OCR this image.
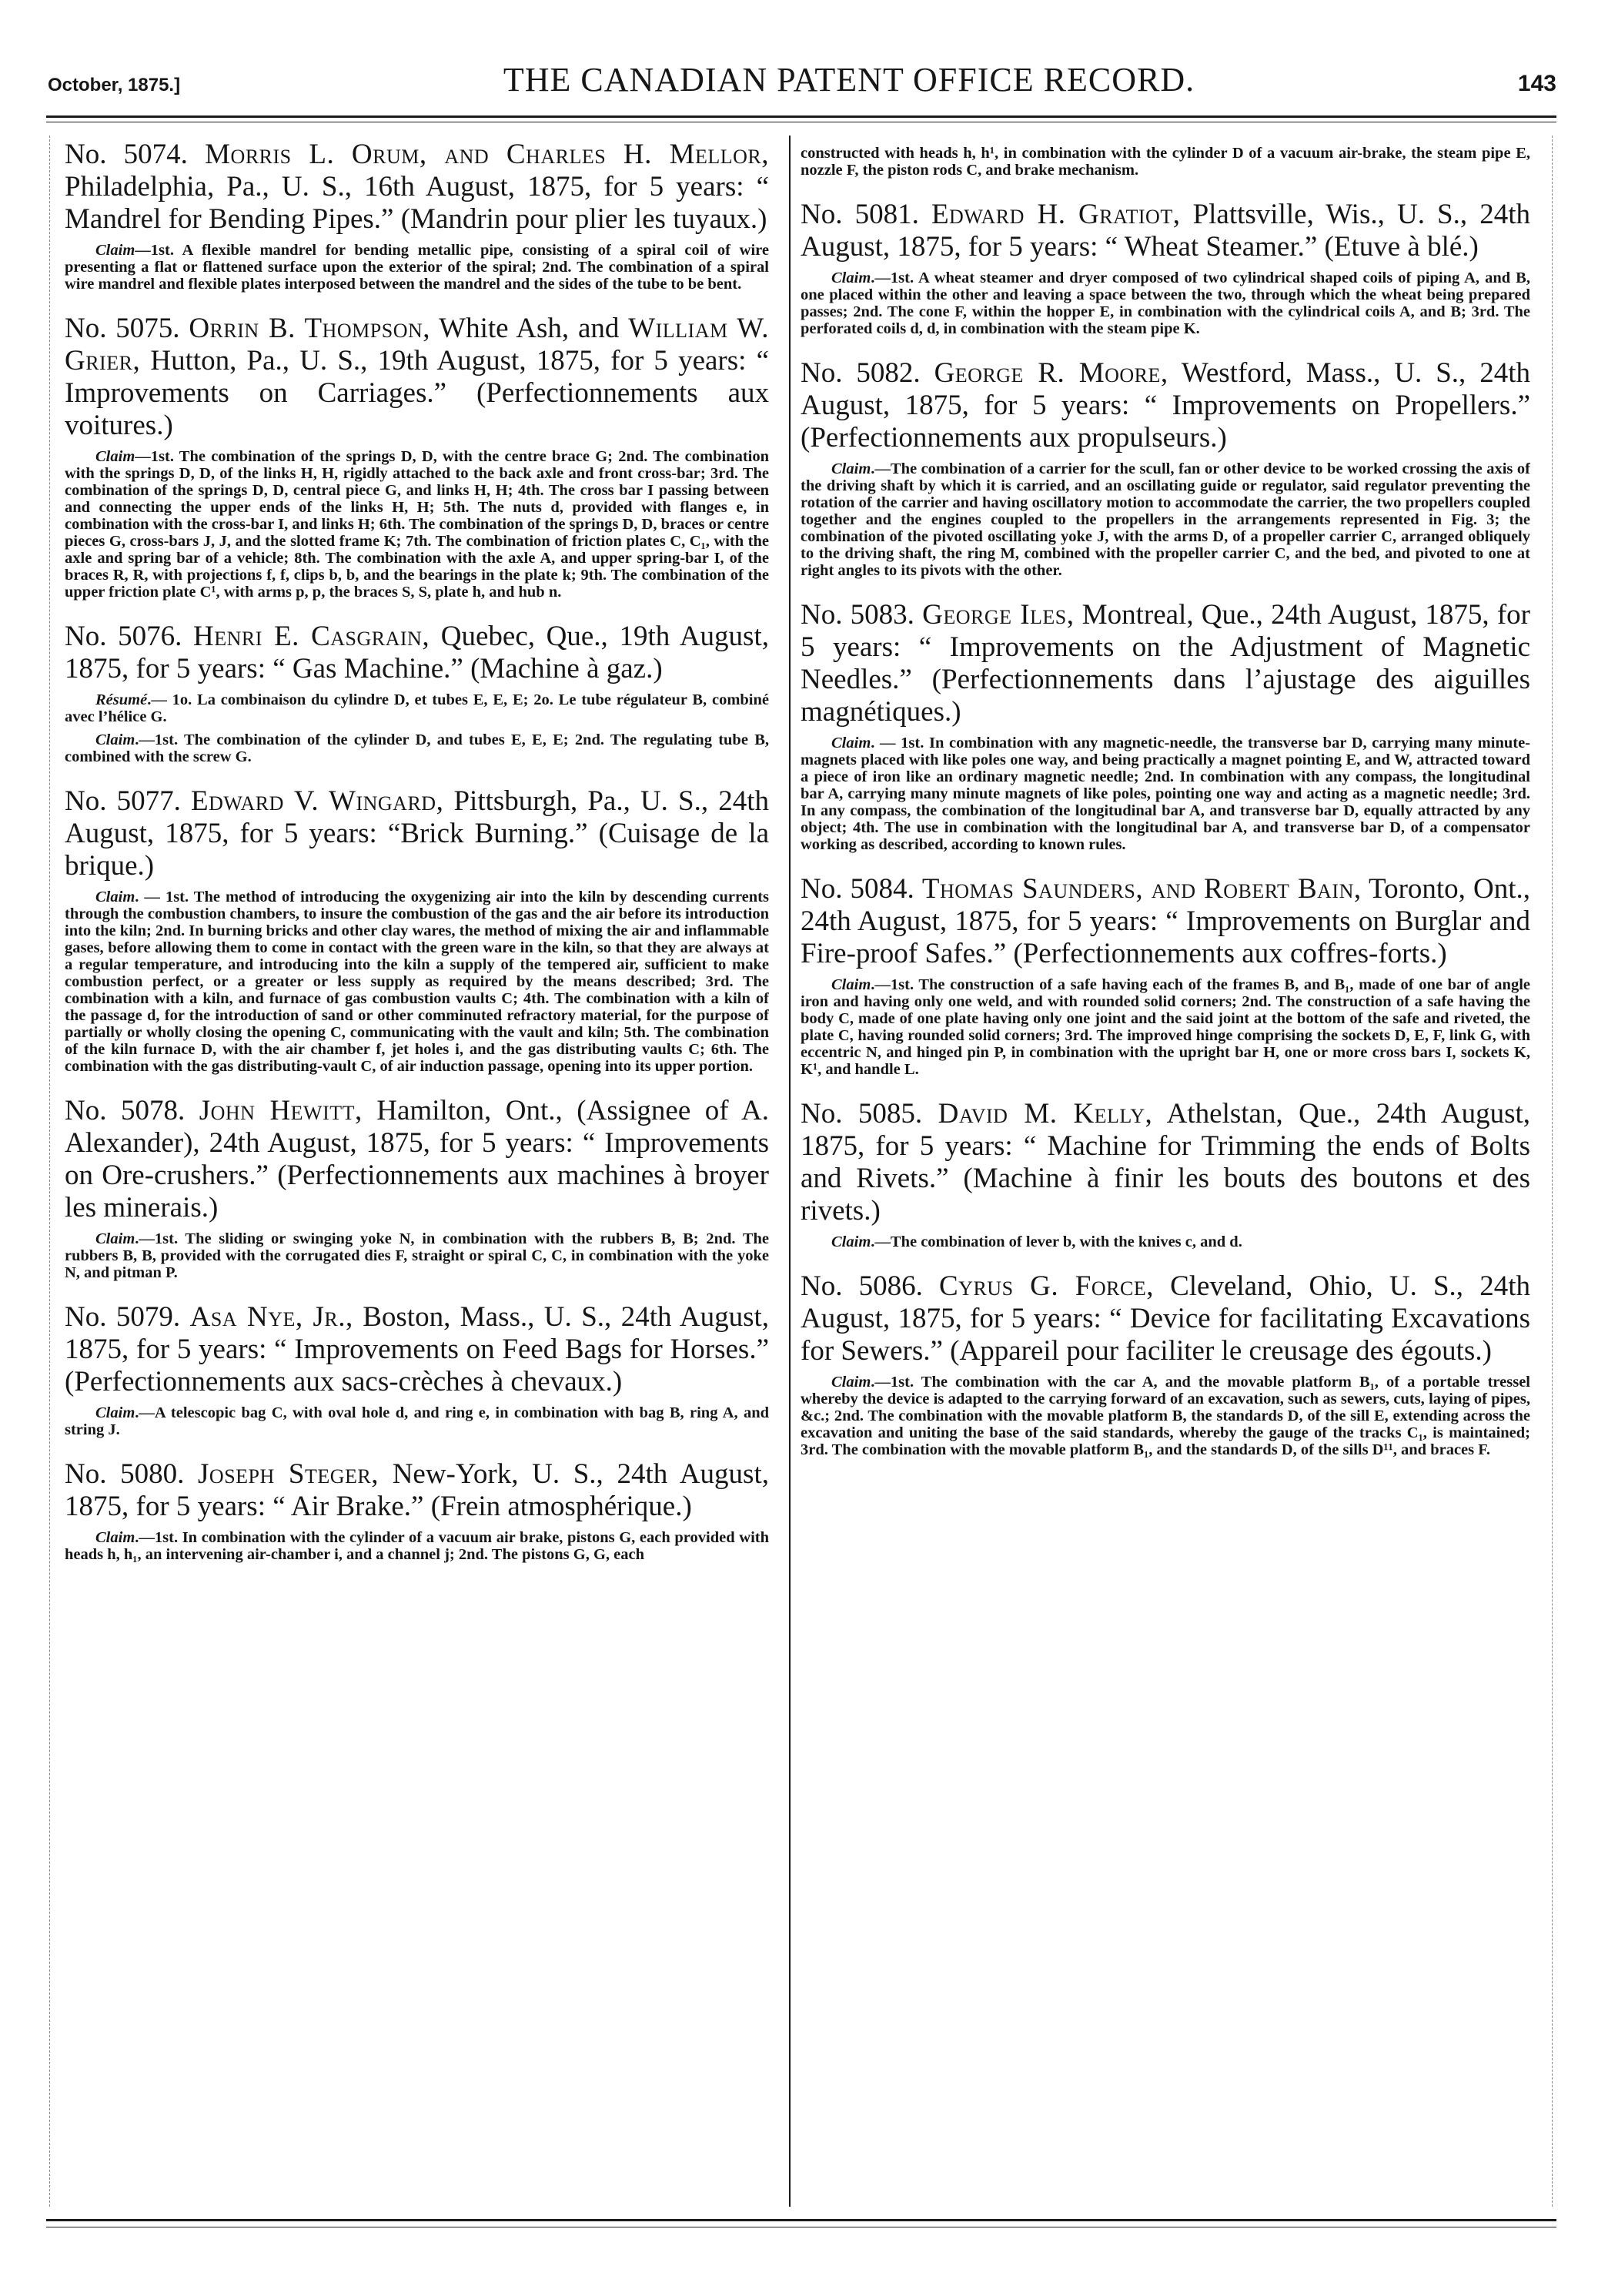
October, 1875.]	THE CANADIAN PATENT OFFICE RECORD.	143

No. 5074. Morris L. Orum, and Charles H. Mellor, Philadelphia, Pa., U. S., 16th August, 1875, for 5 years: “ Mandrel for Bending Pipes.” (Mandrin pour plier les tuyaux.)

Claim—1st. A flexible mandrel for bending metallic pipe, consisting of a spiral coil of wire presenting a flat or flattened surface upon the exterior of the spiral; 2nd. The combination of a spiral wire mandrel and flexible plates interposed between the mandrel and the sides of the tube to be bent.

No. 5075. Orrin B. Thompson, White Ash, and William W. Grier, Hutton, Pa., U. S., 19th August, 1875, for 5 years: “ Improvements on Carriages.” (Perfectionnements aux voitures.)

Claim—1st. The combination of the springs D, D, with the centre brace G; 2nd. The combination with the springs D, D, of the links H, H, rigidly attached to the back axle and front cross-bar; 3rd. The combination of the springs D, D, central piece G, and links H, H; 4th. The cross bar I passing between and connecting the upper ends of the links H, H; 5th. The nuts d, provided with flanges e, in combination with the cross-bar I, and links H; 6th. The combination of the springs D, D, braces or centre pieces G, cross-bars J, J, and the slotted frame K; 7th. The combination of friction plates C, C₁, with the axle and spring bar of a vehicle; 8th. The combination with the axle A, and upper spring-bar I, of the braces R, R, with projections f, f, clips b, b, and the bearings in the plate k; 9th. The combination of the upper friction plate C¹, with arms p, p, the braces S, S, plate h, and hub n.

No. 5076. Henri E. Casgrain, Quebec, Que., 19th August, 1875, for 5 years: “ Gas Machine.” (Machine à gaz.)

Résumé.— 1o. La combinaison du cylindre D, et tubes E, E, E; 2o. Le tube régulateur B, combiné avec l’hélice G.

Claim.—1st. The combination of the cylinder D, and tubes E, E, E; 2nd. The regulating tube B, combined with the screw G.

No. 5077. Edward V. Wingard, Pittsburgh, Pa., U. S., 24th August, 1875, for 5 years: “Brick Burning.” (Cuisage de la brique.)

Claim. — 1st. The method of introducing the oxygenizing air into the kiln by descending currents through the combustion chambers, to insure the combustion of the gas and the air before its introduction into the kiln; 2nd. In burning bricks and other clay wares, the method of mixing the air and inflammable gases, before allowing them to come in contact with the green ware in the kiln, so that they are always at a regular temperature, and introducing into the kiln a supply of the tempered air, sufficient to make combustion perfect, or a greater or less supply as required by the means described; 3rd. The combination with a kiln, and furnace of gas combustion vaults C; 4th. The combination with a kiln of the passage d, for the introduction of sand or other comminuted refractory material, for the purpose of partially or wholly closing the opening C, communicating with the vault and kiln; 5th. The combination of the kiln furnace D, with the air chamber f, jet holes i, and the gas distributing vaults C; 6th. The combination with the gas distributing-vault C, of air induction passage, opening into its upper portion.

No. 5078. John Hewitt, Hamilton, Ont., (Assignee of A. Alexander), 24th August, 1875, for 5 years: “ Improvements on Ore-crushers.” (Perfectionnements aux machines à broyer les minerais.)

Claim.—1st. The sliding or swinging yoke N, in combination with the rubbers B, B; 2nd. The rubbers B, B, provided with the corrugated dies F, straight or spiral C, C, in combination with the yoke N, and pitman P.

No. 5079. Asa Nye, Jr., Boston, Mass., U. S., 24th August, 1875, for 5 years: “ Improvements on Feed Bags for Horses.” (Perfectionnements aux sacs-crèches à chevaux.)

Claim.—A telescopic bag C, with oval hole d, and ring e, in combination with bag B, ring A, and string J.

No. 5080. Joseph Steger, New-York, U. S., 24th August, 1875, for 5 years: “ Air Brake.” (Frein atmosphérique.)

Claim.—1st. In combination with the cylinder of a vacuum air brake, pistons G, each provided with heads h, h₁, an intervening air-chamber i, and a channel j; 2nd. The pistons G, G, each

constructed with heads h, h¹, in combination with the cylinder D of a vacuum air-brake, the steam pipe E, nozzle F, the piston rods C, and brake mechanism.

No. 5081. Edward H. Gratiot, Plattsville, Wis., U. S., 24th August, 1875, for 5 years: “ Wheat Steamer.” (Etuve à blé.)

Claim.—1st. A wheat steamer and dryer composed of two cylindrical shaped coils of piping A, and B, one placed within the other and leaving a space between the two, through which the wheat being prepared passes; 2nd. The cone F, within the hopper E, in combination with the cylindrical coils A, and B; 3rd. The perforated coils d, d, in combination with the steam pipe K.

No. 5082. George R. Moore, Westford, Mass., U. S., 24th August, 1875, for 5 years: “ Improvements on Propellers.” (Perfectionnements aux propulseurs.)

Claim.—The combination of a carrier for the scull, fan or other device to be worked crossing the axis of the driving shaft by which it is carried, and an oscillating guide or regulator, said regulator preventing the rotation of the carrier and having oscillatory motion to accommodate the carrier, the two propellers coupled together and the engines coupled to the propellers in the arrangements represented in Fig. 3; the combination of the pivoted oscillating yoke J, with the arms D, of a propeller carrier C, arranged obliquely to the driving shaft, the ring M, combined with the propeller carrier C, and the bed, and pivoted to one at right angles to its pivots with the other.

No. 5083. George Iles, Montreal, Que., 24th August, 1875, for 5 years: “ Improvements on the Adjustment of Magnetic Needles.” (Perfectionnements dans l’ajustage des aiguilles magnétiques.)

Claim. — 1st. In combination with any magnetic-needle, the transverse bar D, carrying many minute-magnets placed with like poles one way, and being practically a magnet pointing E, and W, attracted toward a piece of iron like an ordinary magnetic needle; 2nd. In combination with any compass, the longitudinal bar A, carrying many minute magnets of like poles, pointing one way and acting as a magnetic needle; 3rd. In any compass, the combination of the longitudinal bar A, and transverse bar D, equally attracted by any object; 4th. The use in combination with the longitudinal bar A, and transverse bar D, of a compensator working as described, according to known rules.

No. 5084. Thomas Saunders, and Robert Bain, Toronto, Ont., 24th August, 1875, for 5 years: “ Improvements on Burglar and Fire-proof Safes.” (Perfectionnements aux coffres-forts.)

Claim.—1st. The construction of a safe having each of the frames B, and B₁, made of one bar of angle iron and having only one weld, and with rounded solid corners; 2nd. The construction of a safe having the body C, made of one plate having only one joint and the said joint at the bottom of the safe and riveted, the plate C, having rounded solid corners; 3rd. The improved hinge comprising the sockets D, E, F, link G, with eccentric N, and hinged pin P, in combination with the upright bar H, one or more cross bars I, sockets K, K¹, and handle L.

No. 5085. David M. Kelly, Athelstan, Que., 24th August, 1875, for 5 years: “ Machine for Trimming the ends of Bolts and Rivets.” (Machine à finir les bouts des boutons et des rivets.)

Claim.—The combination of lever b, with the knives c, and d.

No. 5086. Cyrus G. Force, Cleveland, Ohio, U. S., 24th August, 1875, for 5 years: “ Device for facilitating Excavations for Sewers.” (Appareil pour faciliter le creusage des égouts.)

Claim.—1st. The combination with the car A, and the movable platform B₁, of a portable tressel whereby the device is adapted to the carrying forward of an excavation, such as sewers, cuts, laying of pipes, &c.; 2nd. The combination with the movable platform B, the standards D, of the sill E, extending across the excavation and uniting the base of the said standards, whereby the gauge of the tracks C₁, is maintained; 3rd. The combination with the movable platform B₁, and the standards D, of the sills D¹¹, and braces F.
